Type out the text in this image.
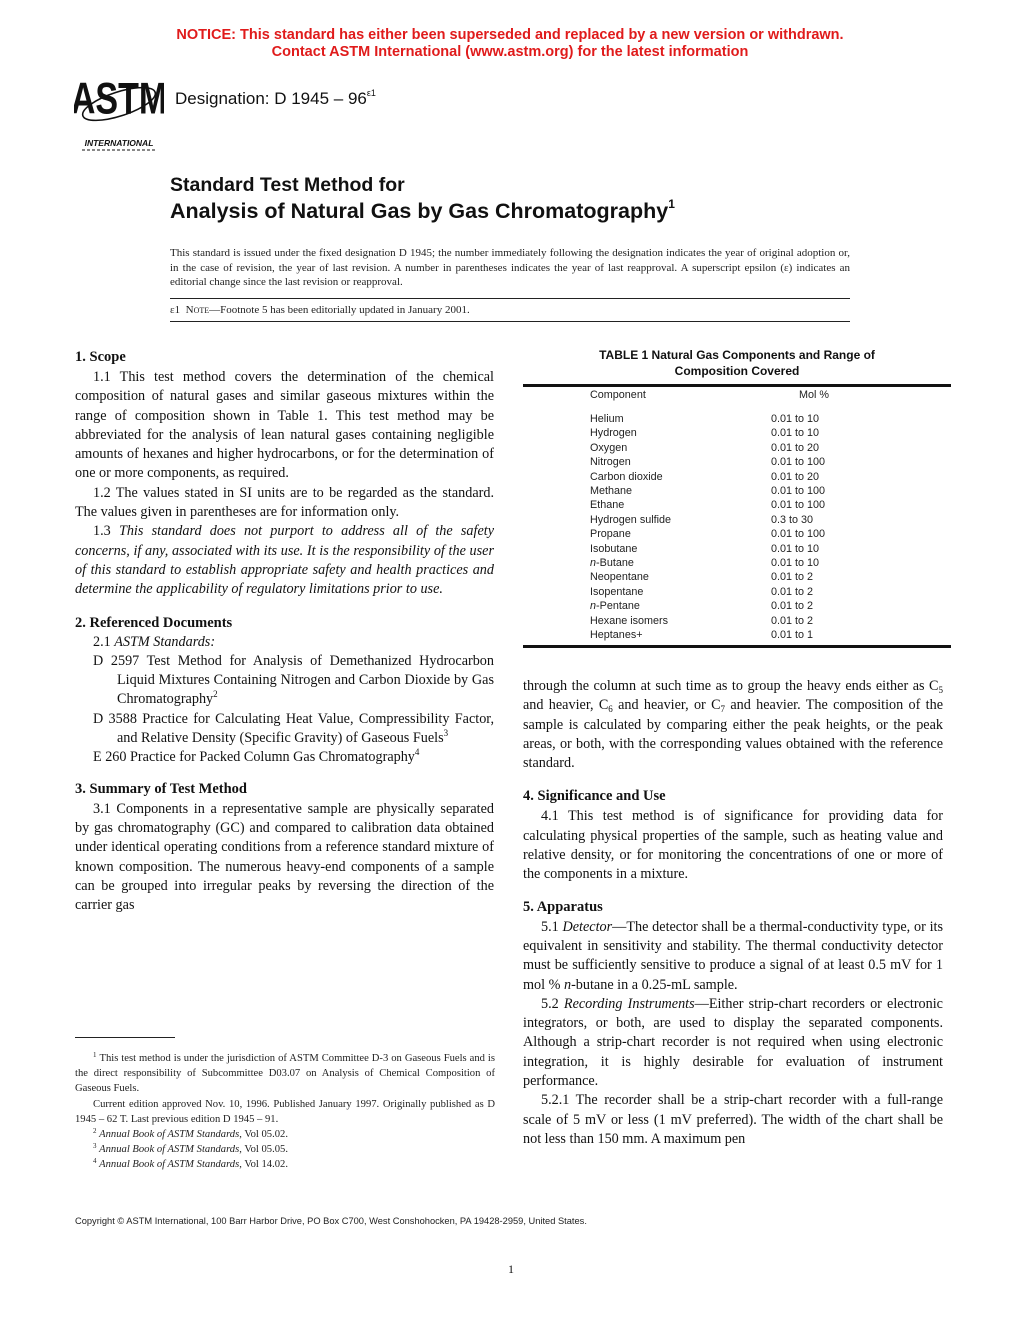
NOTICE: This standard has either been superseded and replaced by a new version or withdrawn.
Contact ASTM International (www.astm.org) for the latest information
ASTM
INTERNATIONAL
Designation: D $1945 - 96^{\varepsilon 1}$
Standard Test Method for
Analysis of Natural Gas by Gas Chromatography$^1$
This standard is issued under the fixed designation D 1945; the number immediately following the designation indicates the year of original adoption or, in the case of revision, the year of last revision. A number in parentheses indicates the year of last reapproval. A superscript epsilon (ε) indicates an editorial change since the last revision or reapproval.
ε1 Note—Footnote 5 has been editorially updated in January 2001.
1. Scope

1.1 This test method covers the determination of the chemical composition of natural gases and similar gaseous mixtures within the range of composition shown in Table 1. This test method may be abbreviated for the analysis of lean natural gases containing negligible amounts of hexanes and higher hydrocarbons, or for the determination of one or more components, as required.

1.2 The values stated in SI units are to be regarded as the standard. The values given in parentheses are for information only.

1.3 This standard does not purport to address all of the safety concerns, if any, associated with its use. It is the responsibility of the user of this standard to establish appropriate safety and health practices and determine the applicability of regulatory limitations prior to use.

2. Referenced Documents

2.1 ASTM Standards:

D 2597 Test Method for Analysis of Demethanized Hydrocarbon Liquid Mixtures Containing Nitrogen and Carbon Dioxide by Gas Chromatography$^2$

D 3588 Practice for Calculating Heat Value, Compressibility Factor, and Relative Density (Specific Gravity) of Gaseous Fuels$^3$

E 260 Practice for Packed Column Gas Chromatography$^4$

3. Summary of Test Method

3.1 Components in a representative sample are physically separated by gas chromatography (GC) and compared to calibration data obtained under identical operating conditions from a reference standard mixture of known composition. The numerous heavy-end components of a sample can be grouped into irregular peaks by reversing the direction of the carrier gas

TABLE 1 Natural Gas Components and Range of
Composition Covered
Component	Mol %
Helium	0.01 to 10
Hydrogen	0.01 to 10
Oxygen	0.01 to 20
Nitrogen	0.01 to 100
Carbon dioxide	0.01 to 20
Methane	0.01 to 100
Ethane	0.01 to 100
Hydrogen sulfide	0.3 to 30
Propane	0.01 to 100
Isobutane	0.01 to 10
n-Butane	0.01 to 10
Neopentane	0.01 to 2
Isopentane	0.01 to 2
n-Pentane	0.01 to 2
Hexane isomers	0.01 to 2
Heptanes+	0.01 to 1

through the column at such time as to group the heavy ends either as $C_5$ and heavier, $C_6$ and heavier, or $C_7$ and heavier. The composition of the sample is calculated by comparing either the peak heights, or the peak areas, or both, with the corresponding values obtained with the reference standard.

4. Significance and Use

4.1 This test method is of significance for providing data for calculating physical properties of the sample, such as heating value and relative density, or for monitoring the concentrations of one or more of the components in a mixture.

5. Apparatus

5.1 Detector—The detector shall be a thermal-conductivity type, or its equivalent in sensitivity and stability. The thermal conductivity detector must be sufficiently sensitive to produce a signal of at least 0.5 mV for 1 mol % n-butane in a 0.25-mL sample.

5.2 Recording Instruments—Either strip-chart recorders or electronic integrators, or both, are used to display the separated components. Although a strip-chart recorder is not required when using electronic integration, it is highly desirable for evaluation of instrument performance.

5.2.1 The recorder shall be a strip-chart recorder with a full-range scale of 5 mV or less (1 mV preferred). The width of the chart shall be not less than 150 mm. A maximum pen

$^1$ This test method is under the jurisdiction of ASTM Committee D-3 on Gaseous Fuels and is the direct responsibility of Subcommittee D03.07 on Analysis of Chemical Composition of Gaseous Fuels.

Current edition approved Nov. 10, 1996. Published January 1997. Originally published as D 1945 – 62 T. Last previous edition D 1945 – 91.

$^2$ Annual Book of ASTM Standards, Vol 05.02.

$^3$ Annual Book of ASTM Standards, Vol 05.05.

$^4$ Annual Book of ASTM Standards, Vol 14.02.

Copyright © ASTM International, 100 Barr Harbor Drive, PO Box C700, West Conshohocken, PA 19428-2959, United States.
1
